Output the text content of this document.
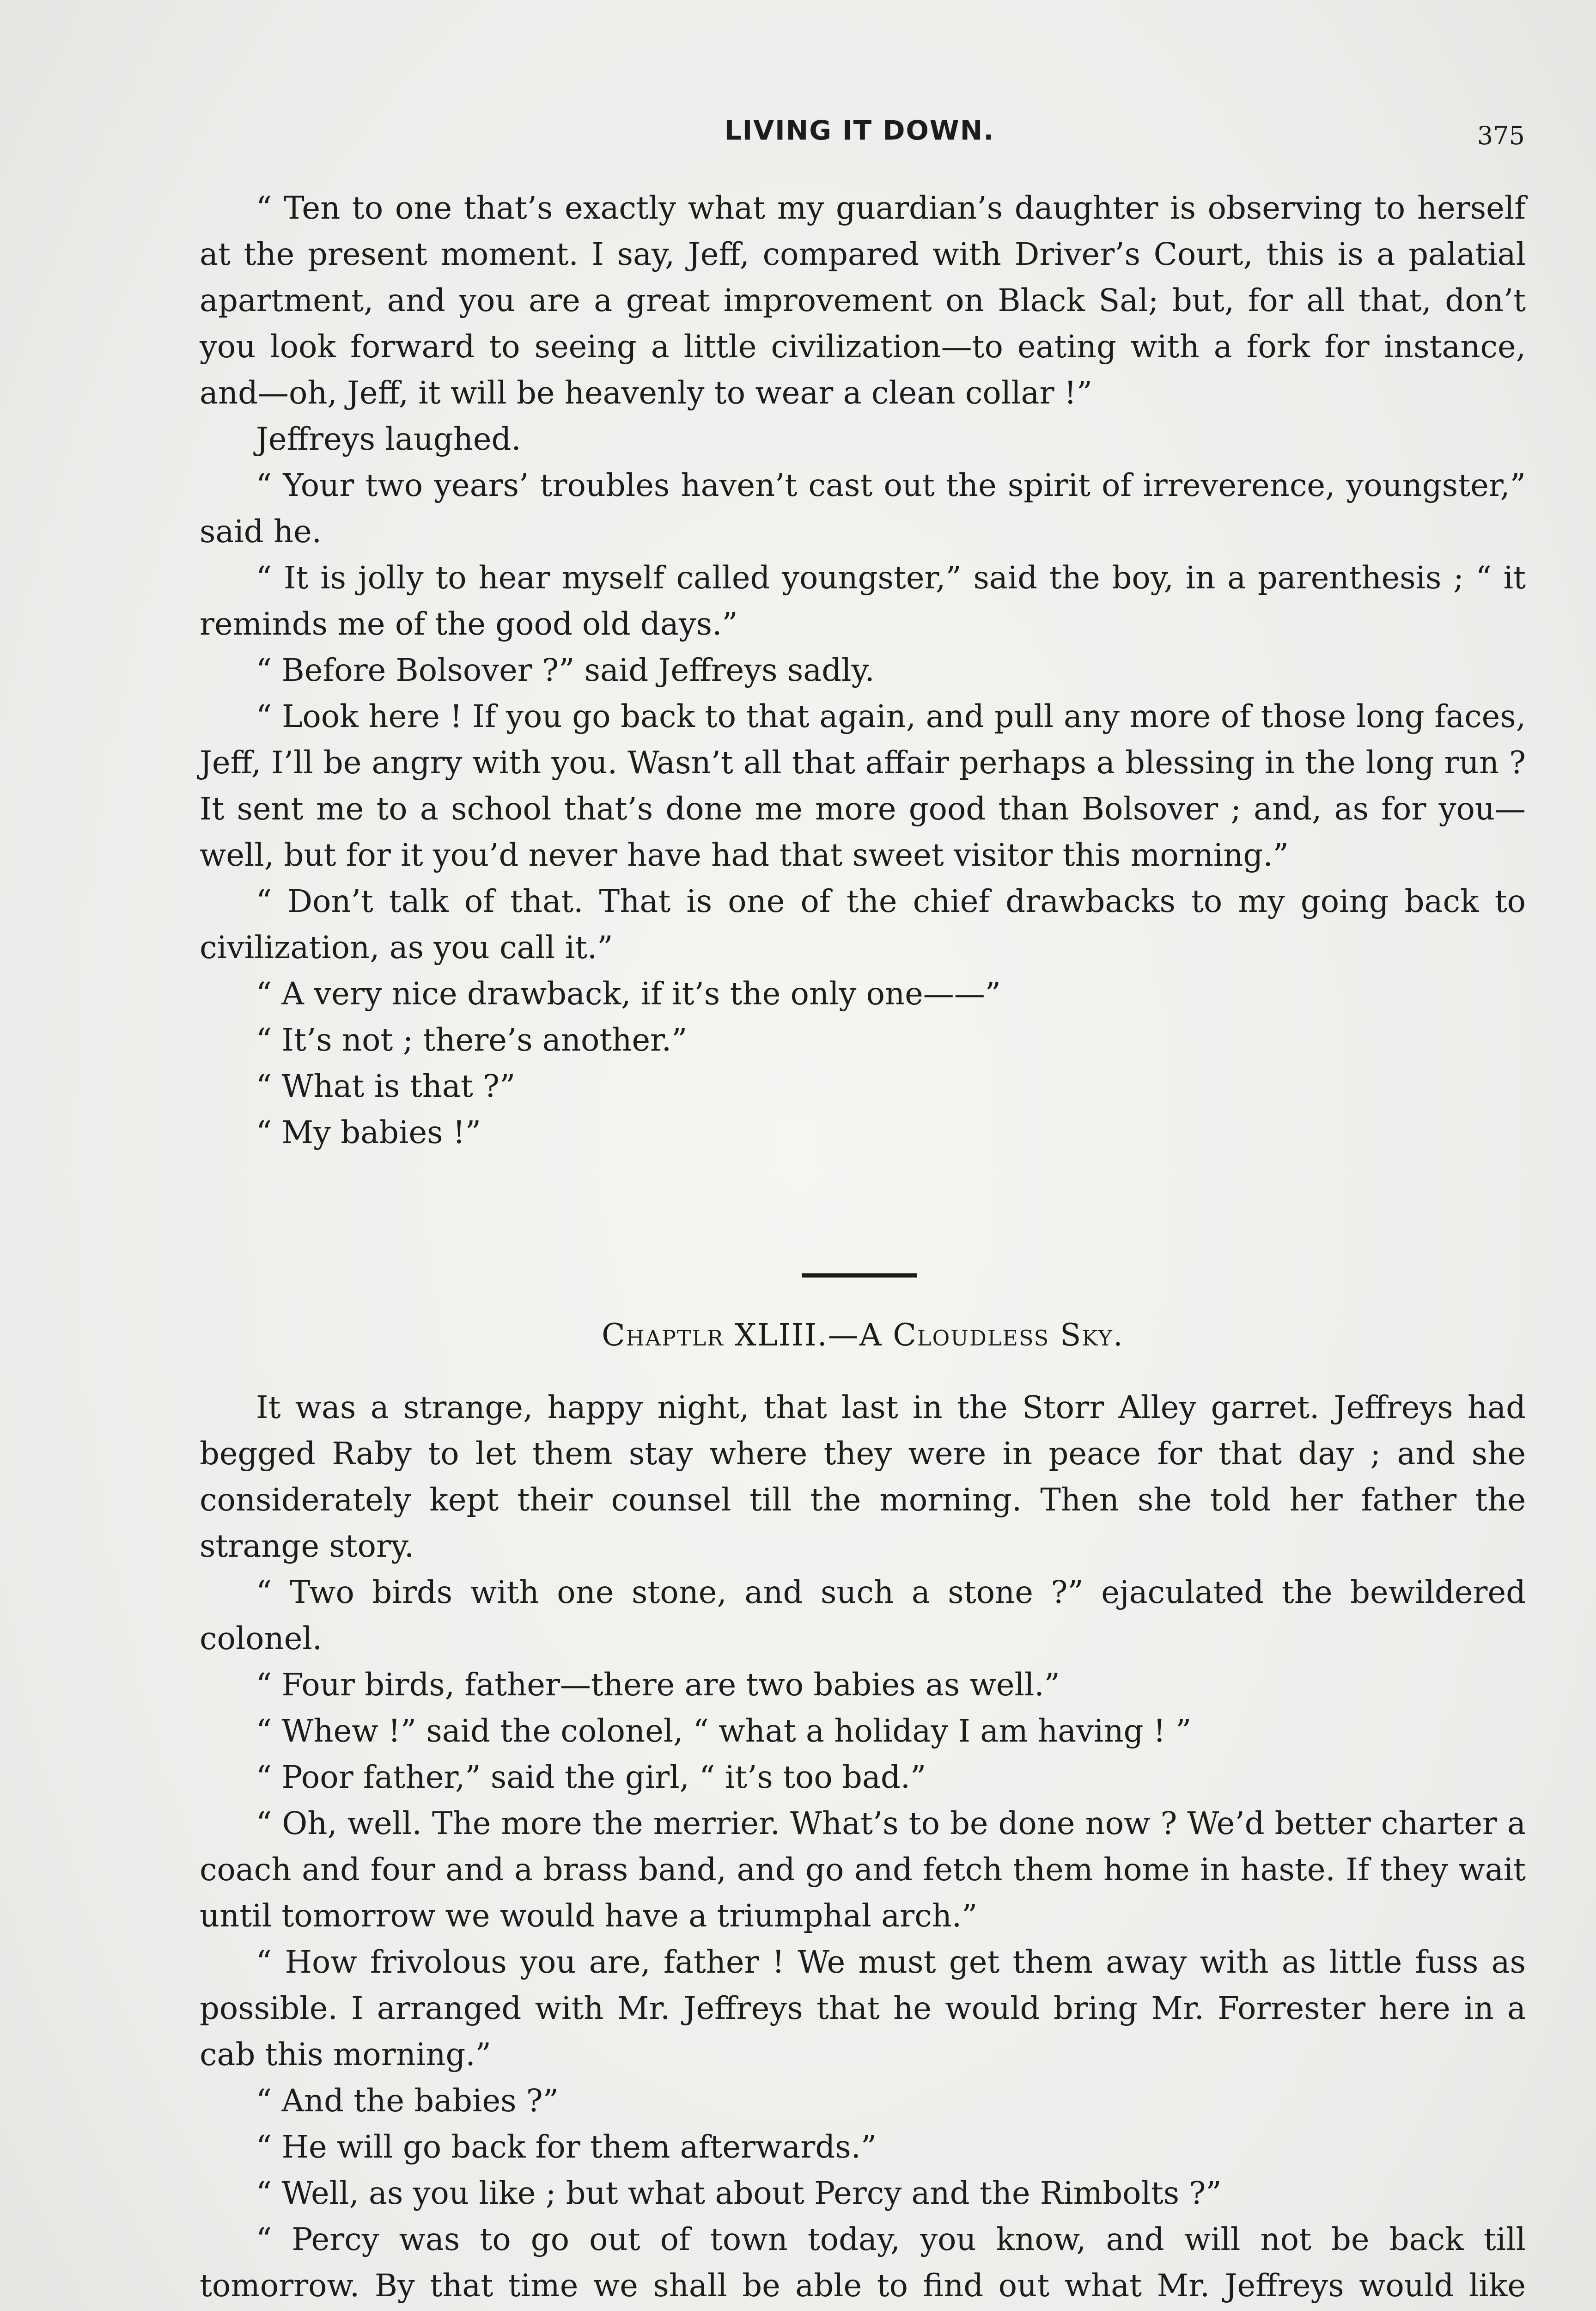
LIVING IT DOWN.	375

“ Ten to one that’s exactly what my guardian’s daughter is observing to herself at the present moment. I say, Jeff, compared with Driver’s Court, this is a palatial apartment, and you are a great improvement on Black Sal; but, for all that, don’t you look forward to seeing a little civilization—to eating with a fork for instance, and—oh, Jeff, it will be heavenly to wear a clean collar !”

Jeffreys laughed.

“ Your two years’ troubles haven’t cast out the spirit of irreverence, youngster,” said he.

“ It is jolly to hear myself called youngster,” said the boy, in a parenthesis ; “ it reminds me of the good old days.”

“ Before Bolsover ?” said Jeffreys sadly.

“ Look here ! If you go back to that again, and pull any more of those long faces, Jeff, I’ll be angry with you. Wasn’t all that affair perhaps a blessing in the long run ? It sent me to a school that’s done me more good than Bolsover ; and, as for you—well, but for it you’d never have had that sweet visitor this morning.”

“ Don’t talk of that. That is one of the chief drawbacks to my going back to civilization, as you call it.”

“ A very nice drawback, if it’s the only one——”

“ It’s not ; there’s another.”

“ What is that ?”

“ My babies !”

Chaptlr XLIII.—A Cloudless Sky.

It was a strange, happy night, that last in the Storr Alley garret. Jeffreys had begged Raby to let them stay where they were in peace for that day ; and she considerately kept their counsel till the morning. Then she told her father the strange story.

“ Two birds with one stone, and such a stone ?” ejaculated the bewildered colonel.

“ Four birds, father—there are two babies as well.”

“ Whew !” said the colonel, “ what a holiday I am having ! ”

“ Poor father,” said the girl, “ it’s too bad.”

“ Oh, well. The more the merrier. What’s to be done now ? We’d better charter a coach and four and a brass band, and go and fetch them home in haste. If they wait until tomorrow we would have a triumphal arch.”

“ How frivolous you are, father ! We must get them away with as little fuss as possible. I arranged with Mr. Jeffreys that he would bring Mr. Forrester here in a cab this morning.”

“ And the babies ?”

“ He will go back for them afterwards.”

“ Well, as you like ; but what about Percy and the Rimbolts ?”

“ Percy was to go out of town today, you know, and will not be back till tomorrow. By that time we shall be able to find out what Mr. Jeffreys would like
